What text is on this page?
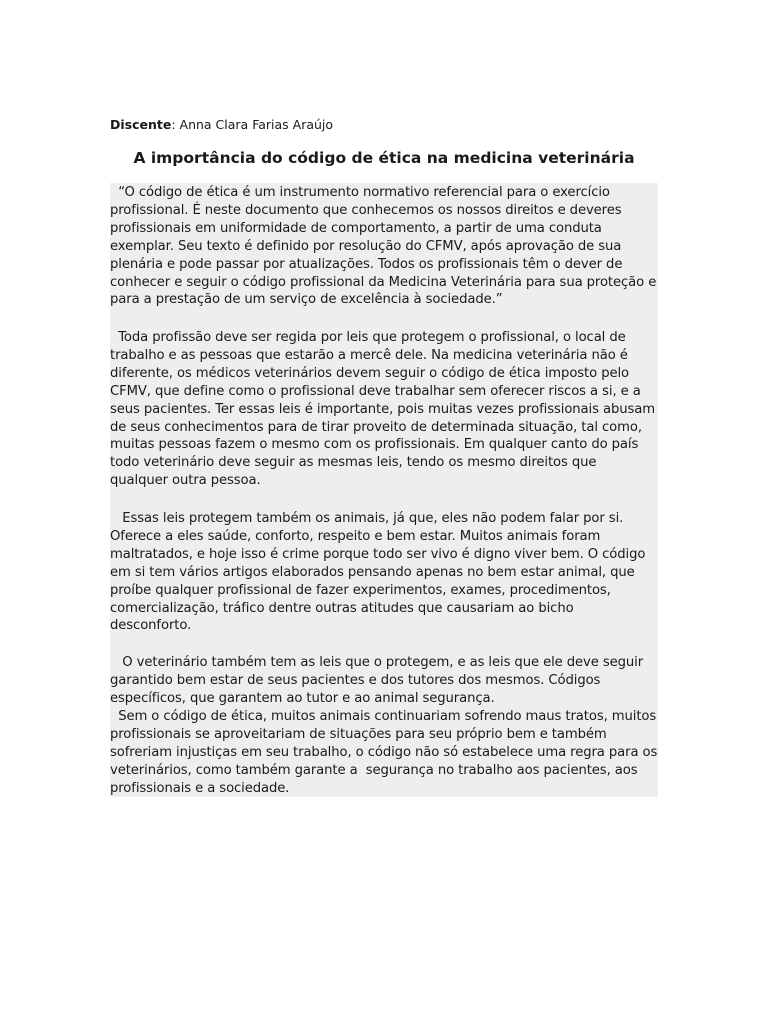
Discente: Anna Clara Farias Araújo
A importância do código de ética na medicina veterinária

“O código de ética é um instrumento normativo referencial para o exercício profissional. É neste documento que conhecemos os nossos direitos e deveres profissionais em uniformidade de comportamento, a partir de uma conduta exemplar. Seu texto é definido por resolução do CFMV, após aprovação de sua plenária e pode passar por atualizações. Todos os profissionais têm o dever de conhecer e seguir o código profissional da Medicina Veterinária para sua proteção e para a prestação de um serviço de excelência à sociedade.”

Toda profissão deve ser regida por leis que protegem o profissional, o local de trabalho e as pessoas que estarão a mercê dele. Na medicina veterinária não é diferente, os médicos veterinários devem seguir o código de ética imposto pelo CFMV, que define como o profissional deve trabalhar sem oferecer riscos a si, e a seus pacientes. Ter essas leis é importante, pois muitas vezes profissionais abusam de seus conhecimentos para de tirar proveito de determinada situação, tal como, muitas pessoas fazem o mesmo com os profissionais. Em qualquer canto do país todo veterinário deve seguir as mesmas leis, tendo os mesmo direitos que qualquer outra pessoa.

Essas leis protegem também os animais, já que, eles não podem falar por si. Oferece a eles saúde, conforto, respeito e bem estar. Muitos animais foram maltratados, e hoje isso é crime porque todo ser vivo é digno viver bem. O código em si tem vários artigos elaborados pensando apenas no bem estar animal, que proíbe qualquer profissional de fazer experimentos, exames, procedimentos, comercialização, tráfico dentre outras atitudes que causariam ao bicho desconforto.

O veterinário também tem as leis que o protegem, e as leis que ele deve seguir garantido bem estar de seus pacientes e dos tutores dos mesmos. Códigos específicos, que garantem ao tutor e ao animal segurança.

Sem o código de ética, muitos animais continuariam sofrendo maus tratos, muitos profissionais se aproveitariam de situações para seu próprio bem e também sofreriam injustiças em seu trabalho, o código não só estabelece uma regra para os veterinários, como também garante a  segurança no trabalho aos pacientes, aos profissionais e a sociedade.
